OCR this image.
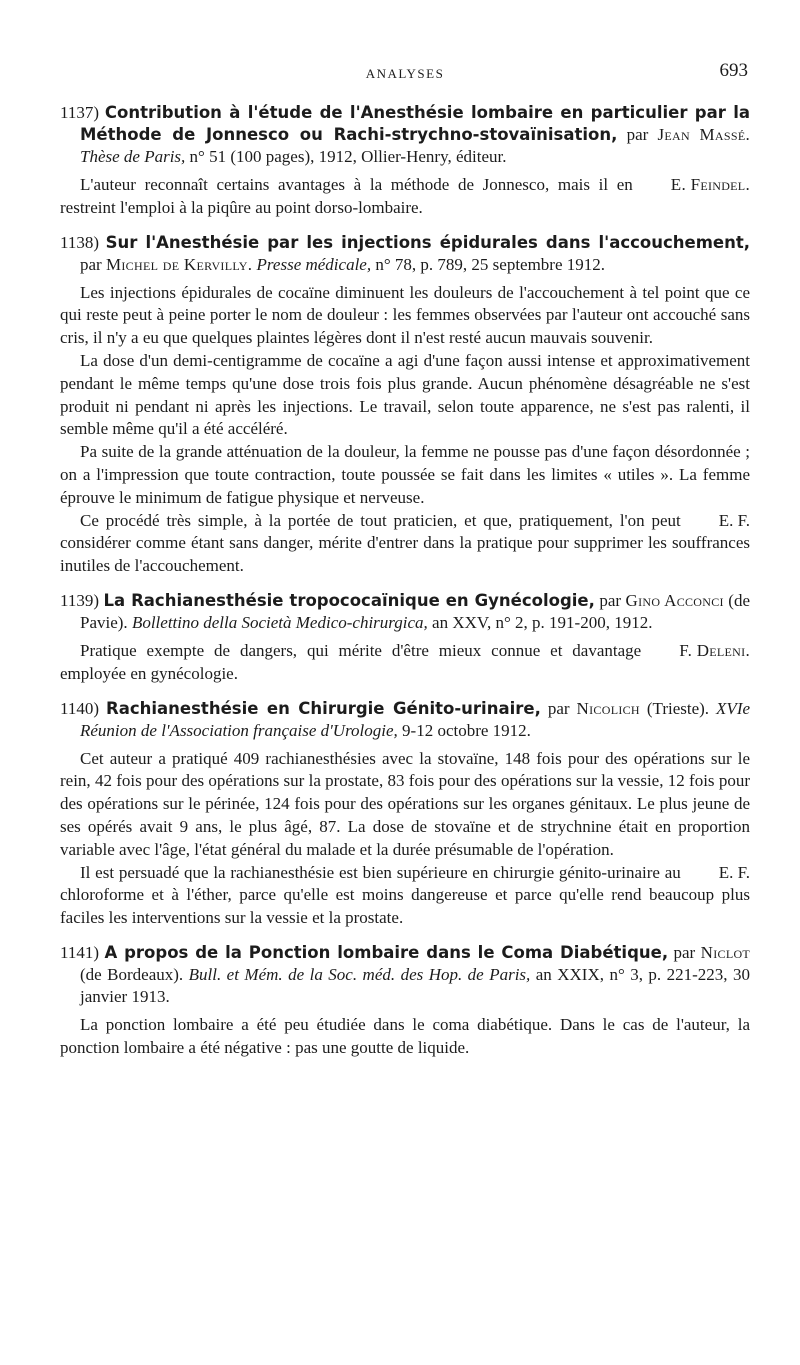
ANALYSES	693

1137) Contribution à l'étude de l'Anesthésie lombaire en particulier par la Méthode de Jonnesco ou Rachi-strychno-stovaïnisation, par Jean Massé. Thèse de Paris, n° 51 (100 pages), 1912, Ollier-Henry, éditeur.

E. Feindel.
L'auteur reconnaît certains avantages à la méthode de Jonnesco, mais il en restreint l'emploi à la piqûre au point dorso-lombaire.

1138) Sur l'Anesthésie par les injections épidurales dans l'accouchement, par Michel de Kervilly. Presse médicale, n° 78, p. 789, 25 septembre 1912.

Les injections épidurales de cocaïne diminuent les douleurs de l'accouchement à tel point que ce qui reste peut à peine porter le nom de douleur : les femmes observées par l'auteur ont accouché sans cris, il n'y a eu que quelques plaintes légères dont il n'est resté aucun mauvais souvenir.

La dose d'un demi-centigramme de cocaïne a agi d'une façon aussi intense et approximativement pendant le même temps qu'une dose trois fois plus grande. Aucun phénomène désagréable ne s'est produit ni pendant ni après les injections. Le travail, selon toute apparence, ne s'est pas ralenti, il semble même qu'il a été accéléré.

Pa suite de la grande atténuation de la douleur, la femme ne pousse pas d'une façon désordonnée ; on a l'impression que toute contraction, toute poussée se fait dans les limites « utiles ». La femme éprouve le minimum de fatigue physique et nerveuse.

E. F.
Ce procédé très simple, à la portée de tout praticien, et que, pratiquement, l'on peut considérer comme étant sans danger, mérite d'entrer dans la pratique pour supprimer les souffrances inutiles de l'accouchement.

1139) La Rachianesthésie tropococaïnique en Gynécologie, par Gino Acconci (de Pavie). Bollettino della Società Medico-chirurgica, an XXV, n° 2, p. 191-200, 1912.

F. Deleni.
Pratique exempte de dangers, qui mérite d'être mieux connue et davantage employée en gynécologie.

1140) Rachianesthésie en Chirurgie Génito-urinaire, par Nicolich (Trieste). XVIe Réunion de l'Association française d'Urologie, 9-12 octobre 1912.

Cet auteur a pratiqué 409 rachianesthésies avec la stovaïne, 148 fois pour des opérations sur le rein, 42 fois pour des opérations sur la prostate, 83 fois pour des opérations sur la vessie, 12 fois pour des opérations sur le périnée, 124 fois pour des opérations sur les organes génitaux. Le plus jeune de ses opérés avait 9 ans, le plus âgé, 87. La dose de stovaïne et de strychnine était en proportion variable avec l'âge, l'état général du malade et la durée présumable de l'opération.

E. F.
Il est persuadé que la rachianesthésie est bien supérieure en chirurgie génito-urinaire au chloroforme et à l'éther, parce qu'elle est moins dangereuse et parce qu'elle rend beaucoup plus faciles les interventions sur la vessie et la prostate.

1141) A propos de la Ponction lombaire dans le Coma Diabétique, par Niclot (de Bordeaux). Bull. et Mém. de la Soc. méd. des Hop. de Paris, an XXIX, n° 3, p. 221-223, 30 janvier 1913.

La ponction lombaire a été peu étudiée dans le coma diabétique. Dans le cas de l'auteur, la ponction lombaire a été négative : pas une goutte de liquide.
